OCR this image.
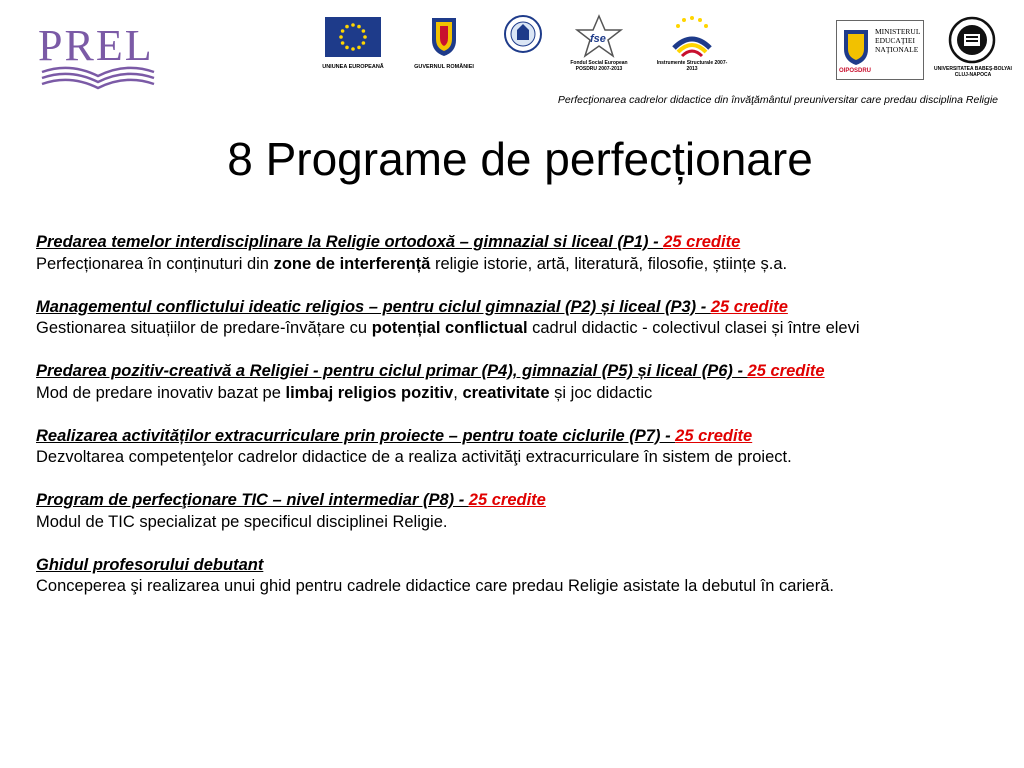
PREL	UNIUNEA EUROPEANĂ	GUVERNUL ROMÂNIEI
fse
Fondul Social European POSDRU 2007-2013
Instrumente Structurale 2007-2013
MINISTERUL EDUCAŢIEI NAŢIONALE
OIPOSDRU	UNIVERSITATEA BABEŞ-BOLYAI CLUJ-NAPOCA
Perfecţionarea cadrelor didactice din învăţământul preuniversitar care predau disciplina Religie
8 Programe de perfecționare
Predarea temelor interdisciplinare la Religie ortodoxă – gimnazial si liceal (P1) - 25 credite
Perfecționarea în conținuturi din zone de interferență religie istorie, artă, literatură, filosofie, științe ș.a.
Managementul conflictului ideatic religios – pentru ciclul gimnazial (P2) și liceal (P3) - 25 credite
Gestionarea situațiilor de predare-învățare cu potențial conflictual cadrul didactic - colectivul clasei și între elevi
Predarea pozitiv-creativă a Religiei - pentru ciclul primar (P4), gimnazial (P5) și liceal (P6) - 25 credite
Mod de predare inovativ bazat pe limbaj religios pozitiv, creativitate și joc didactic
Realizarea activităților extracurriculare prin proiecte – pentru toate ciclurile (P7) - 25 credite
Dezvoltarea competenţelor cadrelor didactice de a realiza activităţi extracurriculare în sistem de proiect.
Program de perfecţionare TIC – nivel intermediar (P8) - 25 credite
Modul de TIC specializat pe specificul disciplinei Religie.
Ghidul profesorului debutant
Conceperea şi realizarea unui ghid pentru cadrele didactice care predau Religie asistate la debutul în carieră.
